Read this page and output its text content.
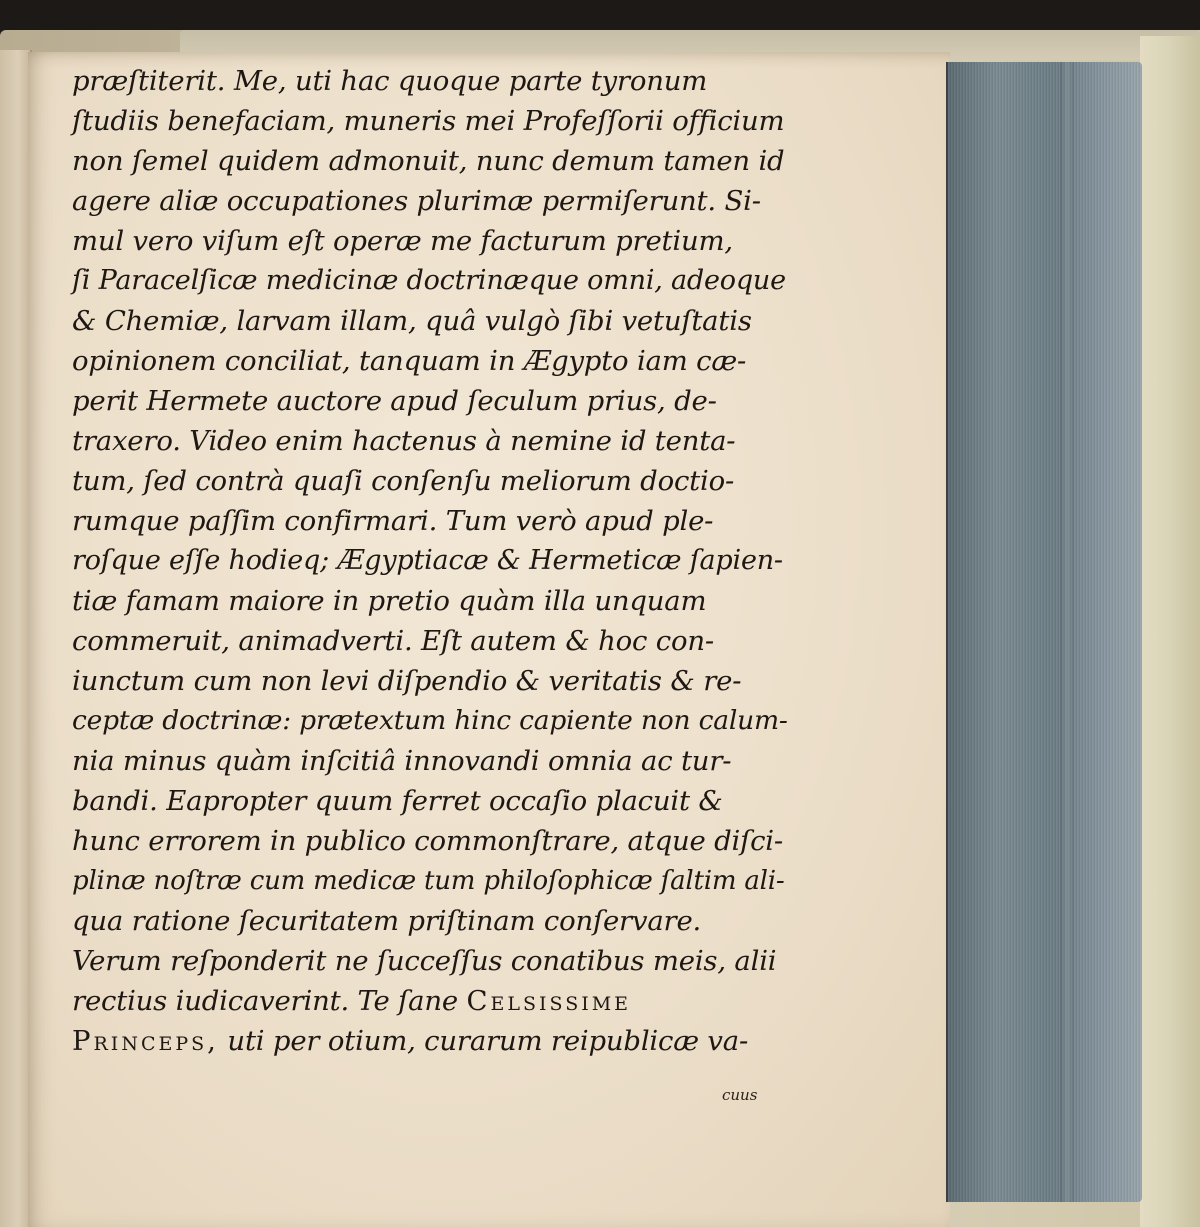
præſtiterit. Me, uti hac quoque parte tyronum
ſtudiis benefaciam, muneris mei Profeſſorii officium
non ſemel quidem admonuit, nunc demum tamen id
agere aliæ occupationes plurimæ permiſerunt. Si-
mul vero viſum eſt operæ me facturum pretium,
ſi Paracelſicæ medicinæ doctrinæque omni, adeoque
& Chemiæ, larvam illam, quâ vulgò ſibi vetuſtatis
opinionem conciliat, tanquam in Ægypto iam cæ-
perit Hermete auctore apud ſeculum prius, de-
traxero. Video enim hactenus à nemine id tenta-
tum, ſed contrà quaſi conſenſu meliorum doctio-
rumque paſſim confirmari. Tum verò apud ple-
roſque eſſe hodieq; Ægyptiacæ & Hermeticæ ſapien-
tiæ famam maiore in pretio quàm illa unquam
commeruit, animadverti. Eſt autem & hoc con-
iunctum cum non levi diſpendio & veritatis & re-
ceptæ doctrinæ: prætextum hinc capiente non calum-
nia minus quàm inſcitiâ innovandi omnia ac tur-
bandi. Eapropter quum ferret occaſio placuit &
hunc errorem in publico commonſtrare, atque diſci-
plinæ noſtræ cum medicæ tum philoſophicæ ſaltim ali-
qua ratione ſecuritatem priſtinam conſervare.
Verum reſponderit ne ſucceſſus conatibus meis, alii
rectius iudicaverint. Te ſane Celsissime
Princeps, uti per otium, curarum reipublicæ va-
cuus
